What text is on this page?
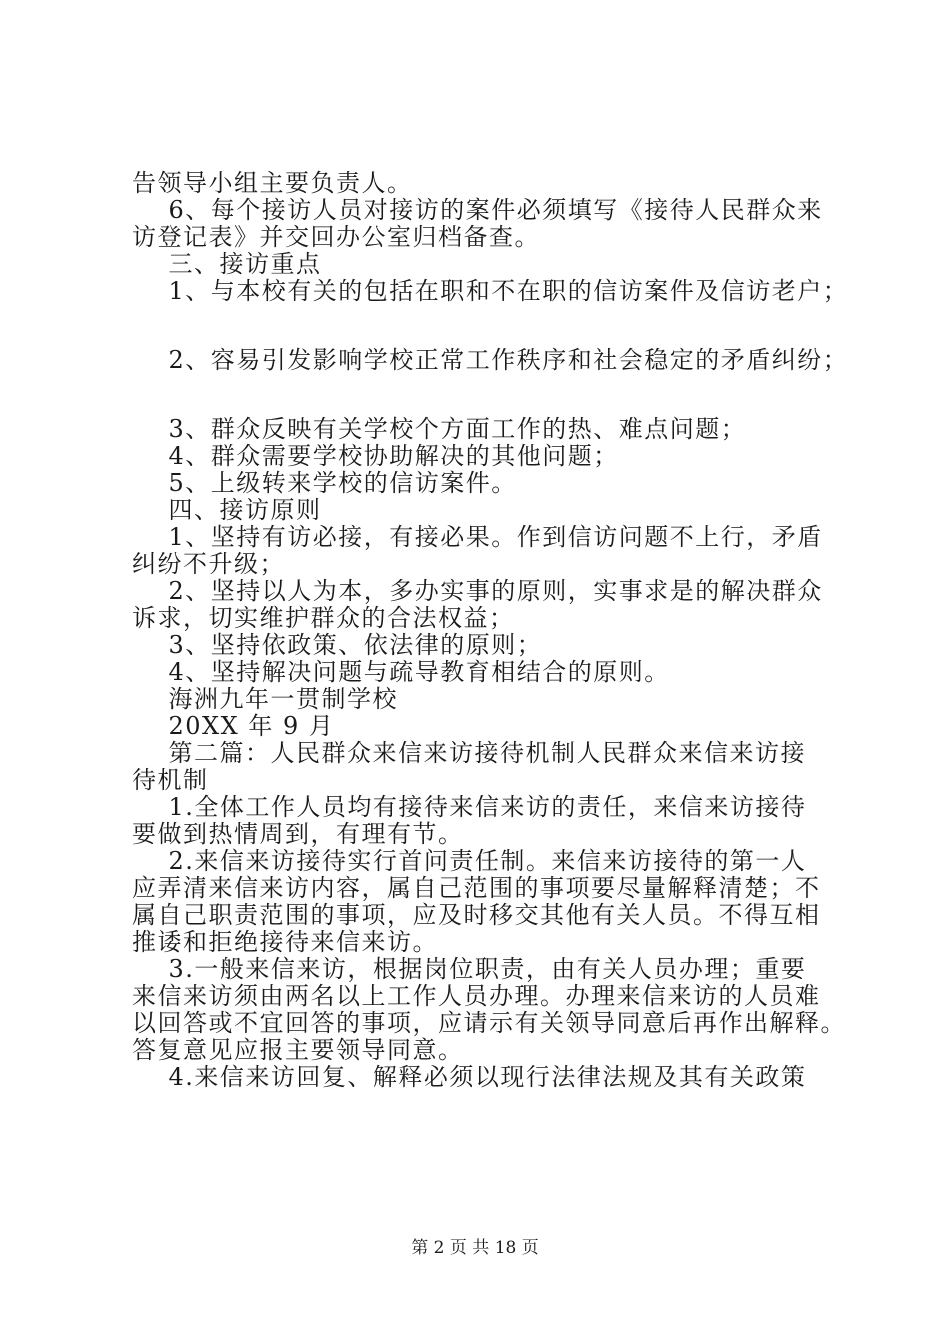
告领导小组主要负责人。
6、每个接访人员对接访的案件必须填写《接待人民群众来
访登记表》并交回办公室归档备查。
三、接访重点
1、与本校有关的包括在职和不在职的信访案件及信访老户；
2、容易引发影响学校正常工作秩序和社会稳定的矛盾纠纷；
3、群众反映有关学校个方面工作的热、难点问题；
4、群众需要学校协助解决的其他问题；
5、上级转来学校的信访案件。
四、接访原则
1、坚持有访必接，有接必果。作到信访问题不上行，矛盾
纠纷不升级；
2、坚持以人为本，多办实事的原则，实事求是的解决群众
诉求，切实维护群众的合法权益；
3、坚持依政策、依法律的原则；
4、坚持解决问题与疏导教育相结合的原则。
海洲九年一贯制学校
20XX 年 9 月
第二篇：人民群众来信来访接待机制人民群众来信来访接
待机制
1.全体工作人员均有接待来信来访的责任，来信来访接待
要做到热情周到，有理有节。
2.来信来访接待实行首问责任制。来信来访接待的第一人
应弄清来信来访内容，属自己范围的事项要尽量解释清楚；不
属自己职责范围的事项，应及时移交其他有关人员。不得互相
推诿和拒绝接待来信来访。
3.一般来信来访，根据岗位职责，由有关人员办理；重要
来信来访须由两名以上工作人员办理。办理来信来访的人员难
以回答或不宜回答的事项，应请示有关领导同意后再作出解释。
答复意见应报主要领导同意。
4.来信来访回复、解释必须以现行法律法规及其有关政策
第 2 页 共 18 页
